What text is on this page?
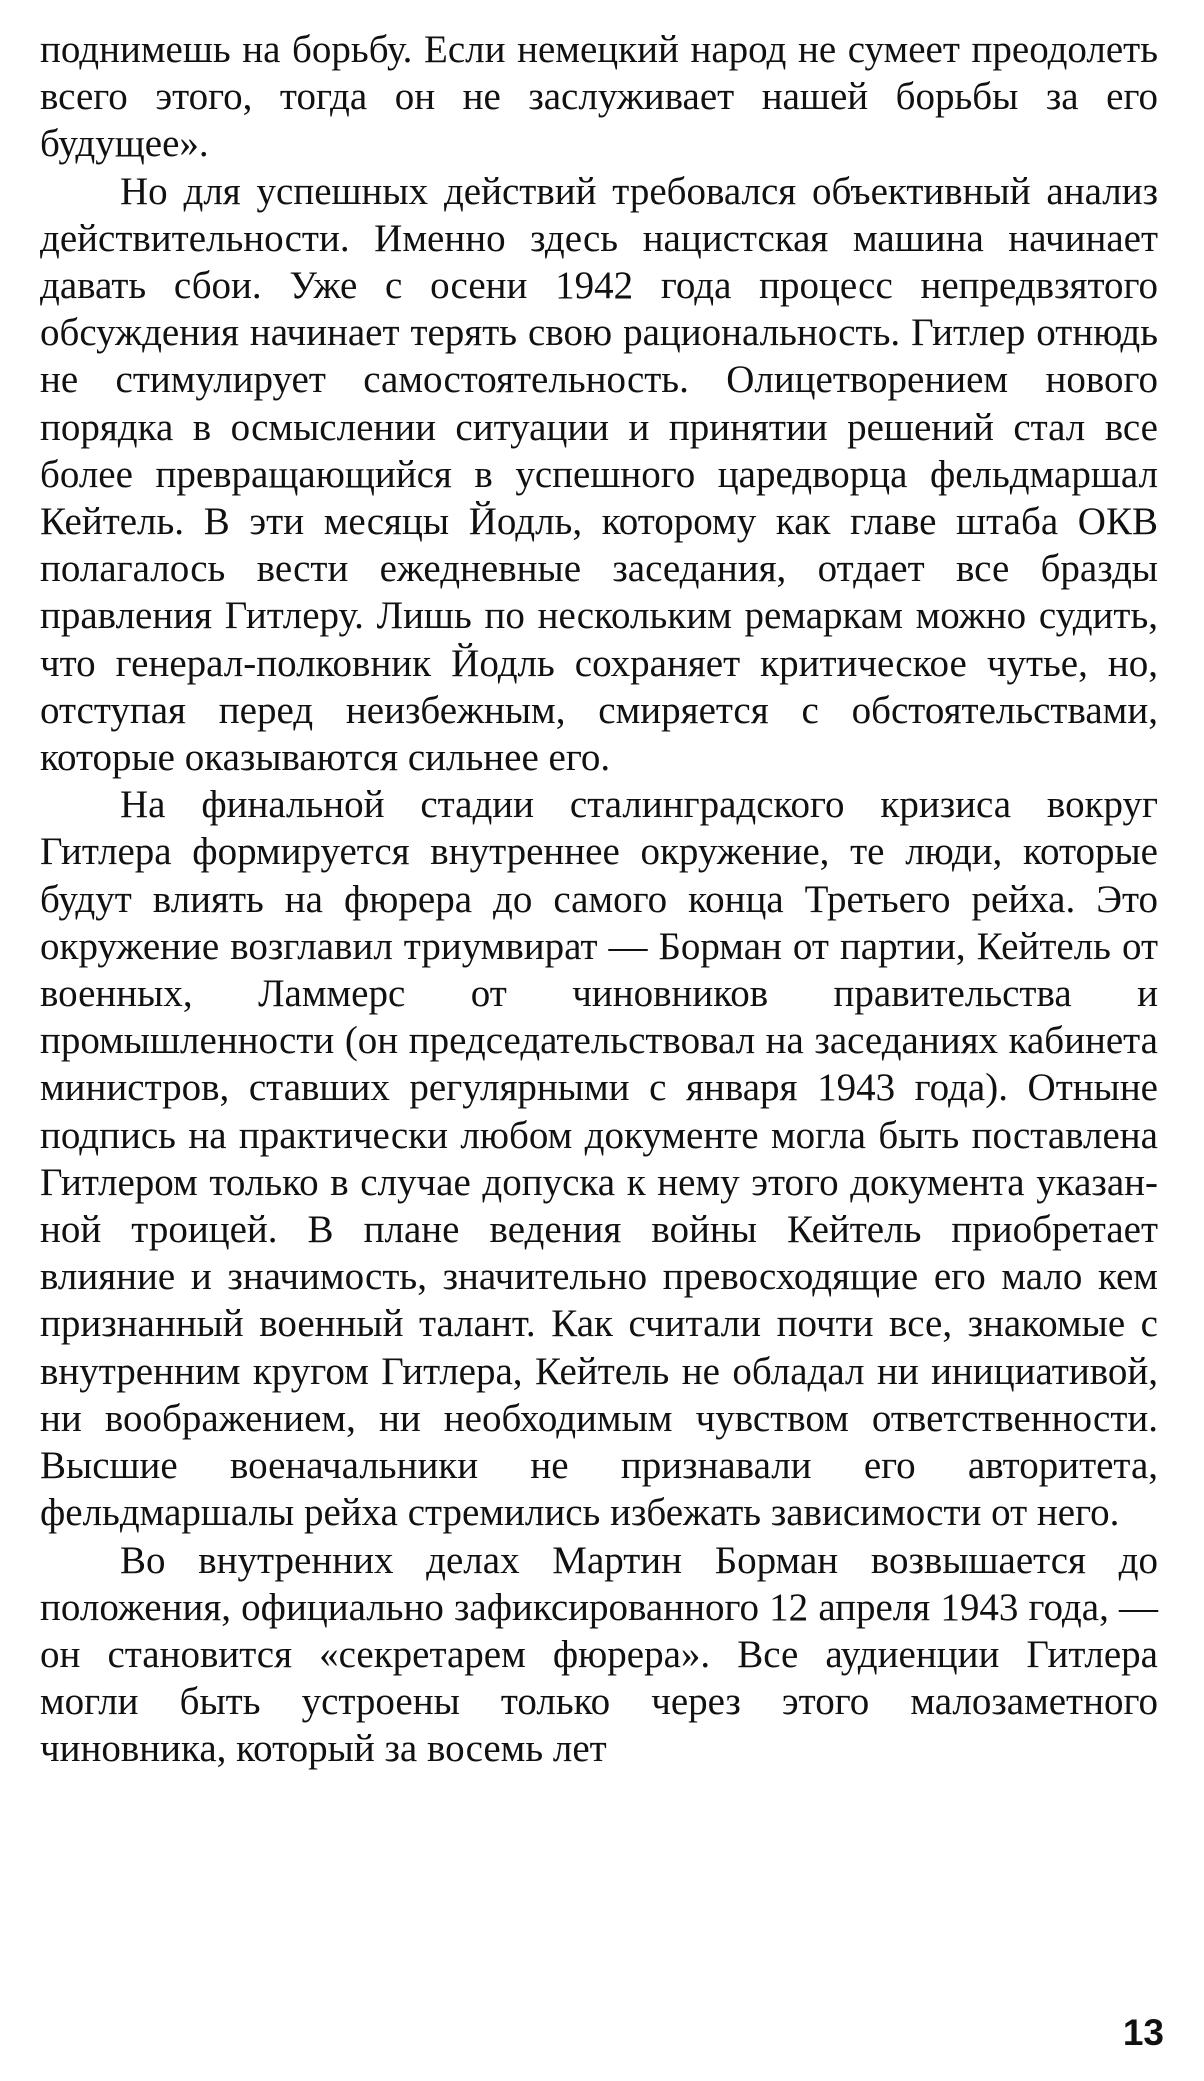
поднимешь на борьбу. Если немецкий народ не сумеет преодолеть всего этого, тогда он не заслуживает нашей борьбы за его будущее».

Но для успешных действий требовался объективный анализ действительности. Именно здесь нацистская машина начинает давать сбои. Уже с осени 1942 года процесс непредвзятого обсуждения начинает терять свою рациональность. Гитлер отнюдь не стимулирует самостоятельность. Олицетворением нового порядка в осмыслении ситуации и принятии решений стал все более превращающийся в успешного царедворца фельдмаршал Кейтель. В эти месяцы Йодль, которому как главе штаба ОКВ полагалось вести ежедневные заседания, отдает все бразды правления Гитлеру. Лишь по нескольким ремаркам можно судить, что генерал-полковник Йодль сохраняет критическое чутье, но, отступая перед неизбежным, смиряется с обстоятельствами, которые оказываются сильнее его.

На финальной стадии сталинградского кризиса вокруг Гитлера формируется внутреннее окружение, те люди, которые будут влиять на фюрера до самого конца Третьего рейха. Это окружение возглавил триумвират — Борман от партии, Кейтель от военных, Ламмерс от чиновников правительства и промышленности (он председательствовал на заседаниях кабинета министров, ставших регулярными с января 1943 года). Отныне подпись на практически любом документе могла быть поставлена Гитлером только в случае допуска к нему этого документа указанной троицей. В плане ведения войны Кейтель приобретает влияние и значимость, значительно превосходящие его мало кем признанный военный талант. Как считали почти все, знакомые с внутренним кругом Гитлера, Кейтель не обладал ни инициативой, ни воображением, ни необходимым чувством ответственности. Высшие военачальники не признавали его авторитета, фельдмаршалы рейха стремились избежать зависимости от него.

Во внутренних делах Мартин Борман возвышается до положения, официально зафиксированного 12 апреля 1943 года, — он становится «секретарем фюрера». Все аудиенции Гитлера могли быть устроены только через этого малозаметного чиновника, который за восемь лет

13
